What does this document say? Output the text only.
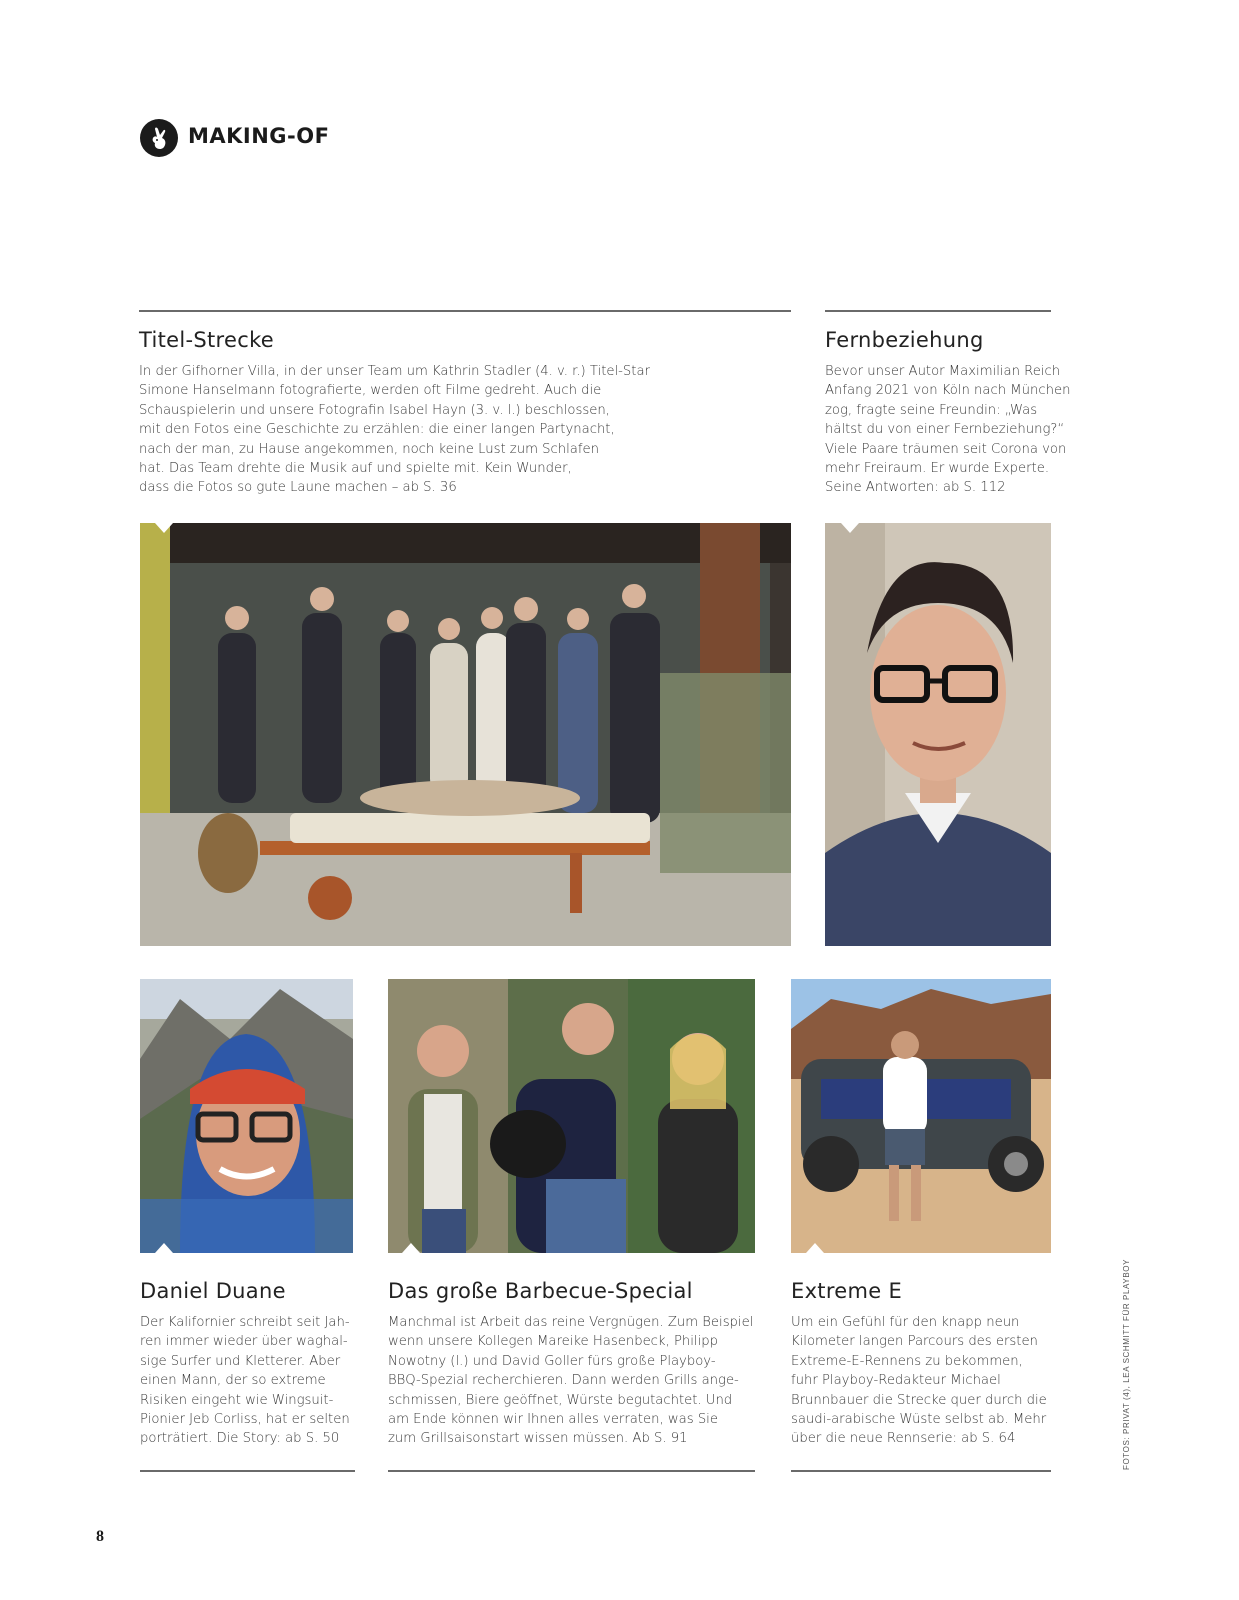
MAKING-OF
Titel-Strecke
In der Gifhorner Villa, in der unser Team um Kathrin Stadler (4. v. r.) Titel-Star
Simone Hanselmann fotografierte, werden oft Filme gedreht. Auch die
Schauspielerin und unsere Fotografin Isabel Hayn (3. v. l.) beschlossen,
mit den Fotos eine Geschichte zu erzählen: die einer langen Partynacht,
nach der man, zu Hause angekommen, noch keine Lust zum Schlafen
hat. Das Team drehte die Musik auf und spielte mit. Kein Wunder,
dass die Fotos so gute Laune machen – ab S. 36
Fernbeziehung
Bevor unser Autor Maximilian Reich
Anfang 2021 von Köln nach München
zog, fragte seine Freundin: „Was
hältst du von einer Fernbeziehung?“
Viele Paare träumen seit Corona von
mehr Freiraum. Er wurde Experte.
Seine Antworten: ab S. 112
Daniel Duane
Der Kalifornier schreibt seit Jah-
ren immer wieder über waghal-
sige Surfer und Kletterer. Aber
einen Mann, der so extreme
Risiken eingeht wie Wingsuit-
Pionier Jeb Corliss, hat er selten
porträtiert. Die Story: ab S. 50
Das große Barbecue-Special
Manchmal ist Arbeit das reine Vergnügen. Zum Beispiel
wenn unsere Kollegen Mareike Hasenbeck, Philipp
Nowotny (l.) und David Goller fürs große Playboy-
BBQ-Spezial recherchieren. Dann werden Grills ange-
schmissen, Biere geöffnet, Würste begutachtet. Und
am Ende können wir Ihnen alles verraten, was Sie
zum Grillsaisonstart wissen müssen. Ab S. 91
Extreme E
Um ein Gefühl für den knapp neun
Kilometer langen Parcours des ersten
Extreme-E-Rennens zu bekommen,
fuhr Playboy-Redakteur Michael
Brunnbauer die Strecke quer durch die
saudi-arabische Wüste selbst ab. Mehr
über die neue Rennserie: ab S. 64	FOTOS: PRIVAT (4), LEA SCHMITT FÜR PLAYBOY
8
